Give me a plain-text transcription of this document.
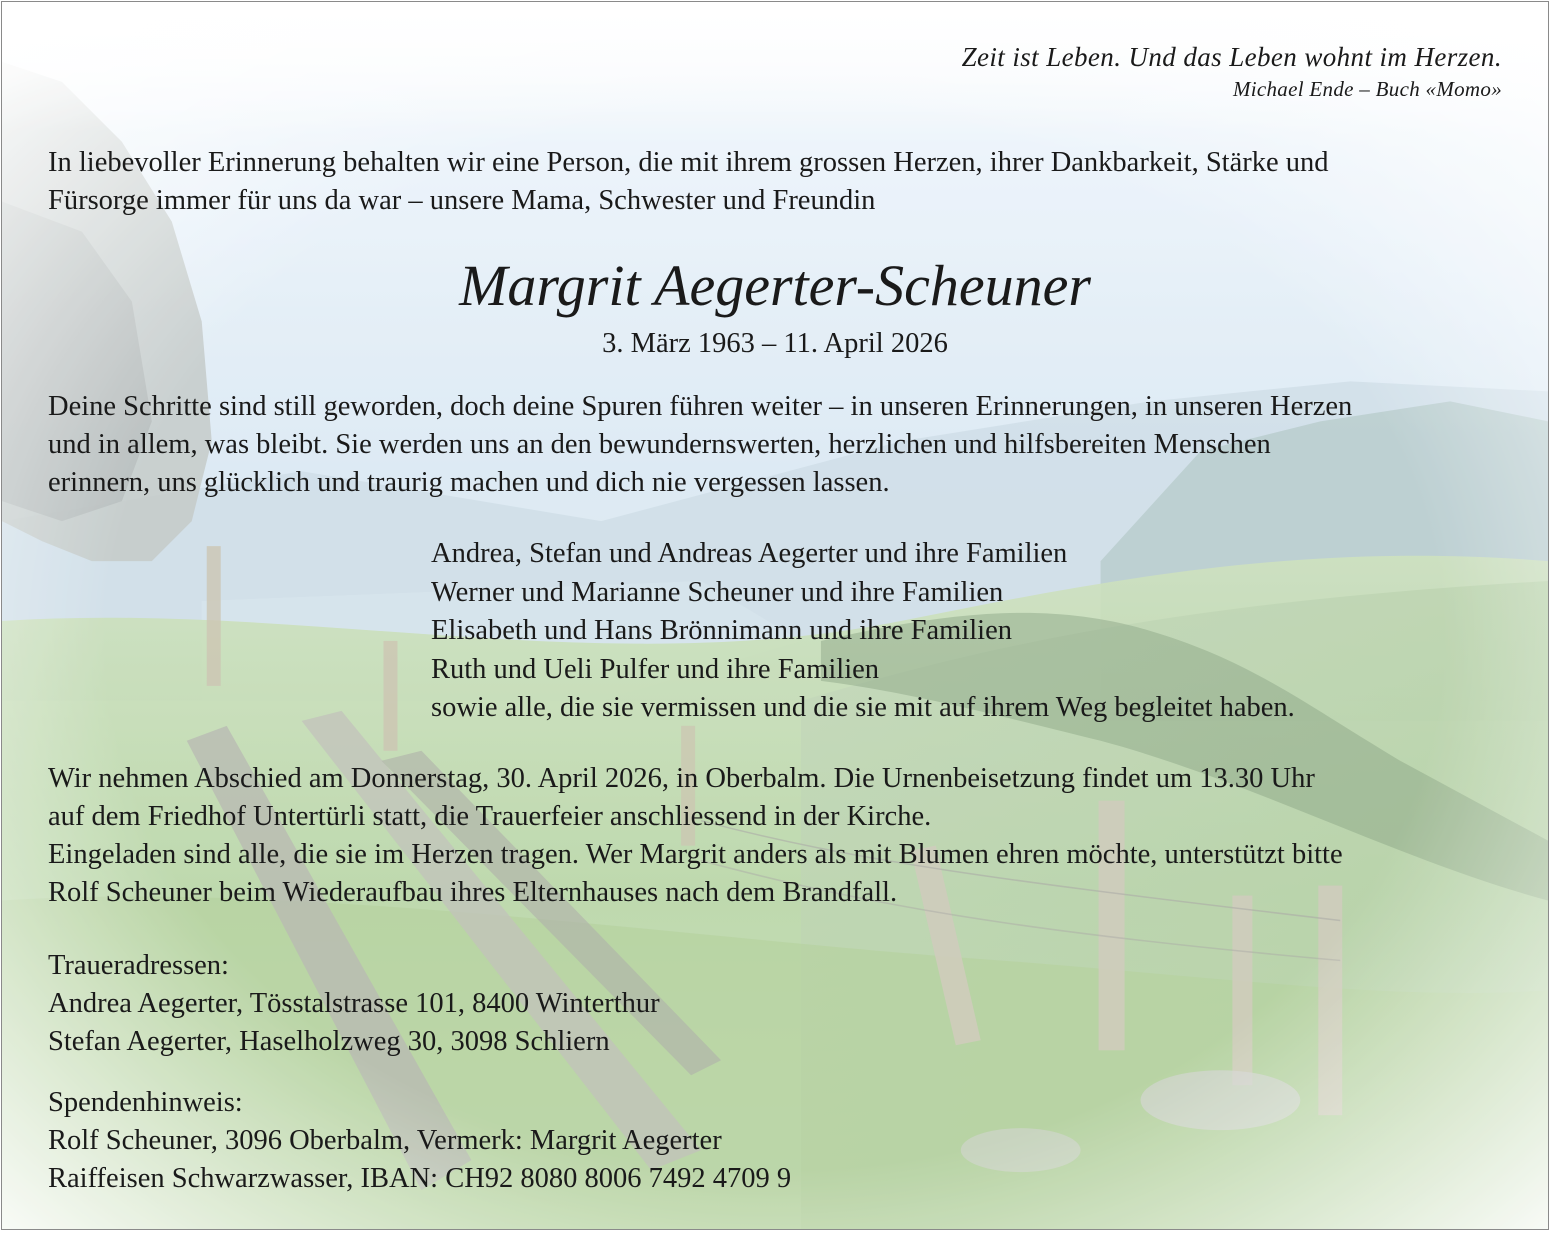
Zeit ist Leben. Und das Leben wohnt im Herzen.
Michael Ende – Buch «Momo»
In liebevoller Erinnerung behalten wir eine Person, die mit ihrem grossen Herzen, ihrer Dankbarkeit, Stärke und
Fürsorge immer für uns da war – unsere Mama, Schwester und Freundin
Margrit Aegerter-Scheuner
3. März 1963 – 11. April 2026
Deine Schritte sind still geworden, doch deine Spuren führen weiter – in unseren Erinnerungen, in unseren Herzen
und in allem, was bleibt. Sie werden uns an den bewundernswerten, herzlichen und hilfsbereiten Menschen
erinnern, uns glücklich und traurig machen und dich nie vergessen lassen.
Andrea, Stefan und Andreas Aegerter und ihre Familien
Werner und Marianne Scheuner und ihre Familien
Elisabeth und Hans Brönnimann und ihre Familien
Ruth und Ueli Pulfer und ihre Familien
sowie alle, die sie vermissen und die sie mit auf ihrem Weg begleitet haben.
Wir nehmen Abschied am Donnerstag, 30. April 2026, in Oberbalm. Die Urnenbeisetzung findet um 13.30 Uhr
auf dem Friedhof Untertürli statt, die Trauerfeier anschliessend in der Kirche.
Eingeladen sind alle, die sie im Herzen tragen. Wer Margrit anders als mit Blumen ehren möchte, unterstützt bitte
Rolf Scheuner beim Wiederaufbau ihres Elternhauses nach dem Brandfall.
Traueradressen:
Andrea Aegerter, Tösstalstrasse 101, 8400 Winterthur
Stefan Aegerter, Haselholzweg 30, 3098 Schliern
Spendenhinweis:
Rolf Scheuner, 3096 Oberbalm, Vermerk: Margrit Aegerter
Raiffeisen Schwarzwasser, IBAN: CH92 8080 8006 7492 4709 9
